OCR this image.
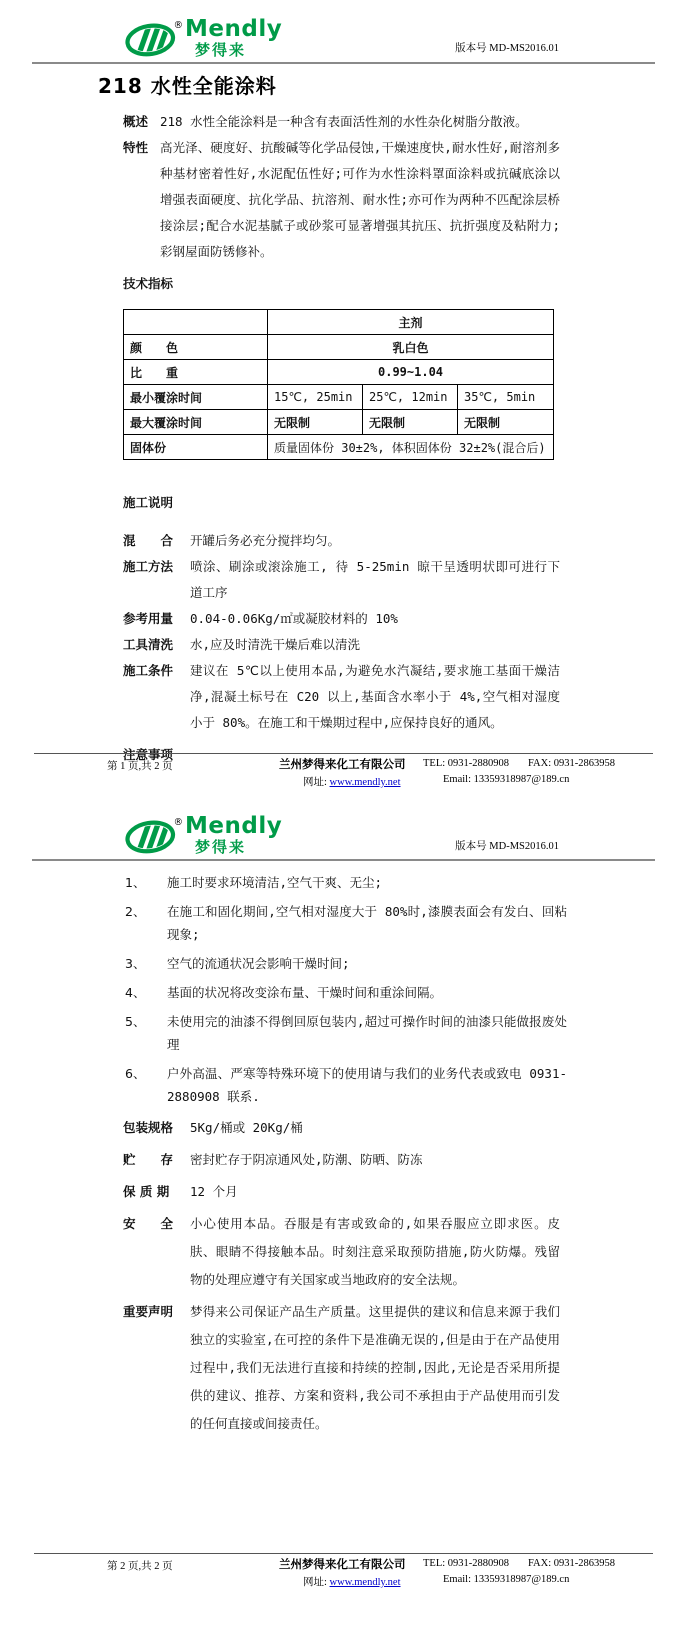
® Mendly
梦得来	版本号 MD-MS2016.01
218 水性全能涂料
概述 218 水性全能涂料是一种含有表面活性剂的水性杂化树脂分散液。
特性 高光泽、硬度好、抗酸碱等化学品侵蚀,干燥速度快,耐水性好,耐溶剂多种基材密着性好,水泥配伍性好;可作为水性涂料罩面涂料或抗碱底涂以增强表面硬度、抗化学品、抗溶剂、耐水性;亦可作为两种不匹配涂层桥接涂层;配合水泥基腻子或砂浆可显著增强其抗压、抗折强度及粘附力;彩钢屋面防锈修补。
技术指标
	主剂		
颜　　色	乳白色		
比　　重	0.99~1.04		
最小覆涂时间	15℃, 25min	25℃, 12min	35℃, 5min
最大覆涂时间	无限制	无限制	无限制
固体份	质量固体份 30±2%, 体积固体份 32±2%(混合后)		
施工说明
混　　合	开罐后务必充分搅拌均匀。
施工方法	喷涂、刷涂或滚涂施工, 待 5-25min 晾干呈透明状即可进行下道工序
参考用量	0.04-0.06Kg/㎡或凝胶材料的 10%
工具清洗	水,应及时清洗干燥后难以清洗
施工条件	建议在 5℃以上使用本品,为避免水汽凝结,要求施工基面干燥洁净,混凝土标号在 C20 以上,基面含水率小于 4%,空气相对湿度小于 80%。在施工和干燥期过程中,应保持良好的通风。
注意事项
第 1 页,共 2 页	兰州梦得来化工有限公司 TEL: 0931-2880908 FAX: 0931-2863958
网址: www.mendly.net	Email: 13359318987@189.cn
® Mendly
梦得来	版本号 MD-MS2016.01
1、	施工时要求环境清洁,空气干爽、无尘;
2、	在施工和固化期间,空气相对湿度大于 80%时,漆膜表面会有发白、回粘现象;
3、	空气的流通状况会影响干燥时间;
4、	基面的状况将改变涂布量、干燥时间和重涂间隔。
5、	未使用完的油漆不得倒回原包装内,超过可操作时间的油漆只能做报废处理
6、	户外高温、严寒等特殊环境下的使用请与我们的业务代表或致电 0931-2880908 联系.
包装规格	5Kg/桶或 20Kg/桶
贮　　存	密封贮存于阴凉通风处,防潮、防晒、防冻
保 质 期	12 个月
安　　全	小心使用本品。吞服是有害或致命的,如果吞服应立即求医。皮肤、眼睛不得接触本品。时刻注意采取预防措施,防火防爆。残留物的处理应遵守有关国家或当地政府的安全法规。
重要声明	梦得来公司保证产品生产质量。这里提供的建议和信息来源于我们独立的实验室,在可控的条件下是准确无误的,但是由于在产品使用过程中,我们无法进行直接和持续的控制,因此,无论是否采用所提供的建议、推荐、方案和资料,我公司不承担由于产品使用而引发的任何直接或间接责任。
第 2 页,共 2 页	兰州梦得来化工有限公司 TEL: 0931-2880908 FAX: 0931-2863958
网址: www.mendly.net	Email: 13359318987@189.cn
